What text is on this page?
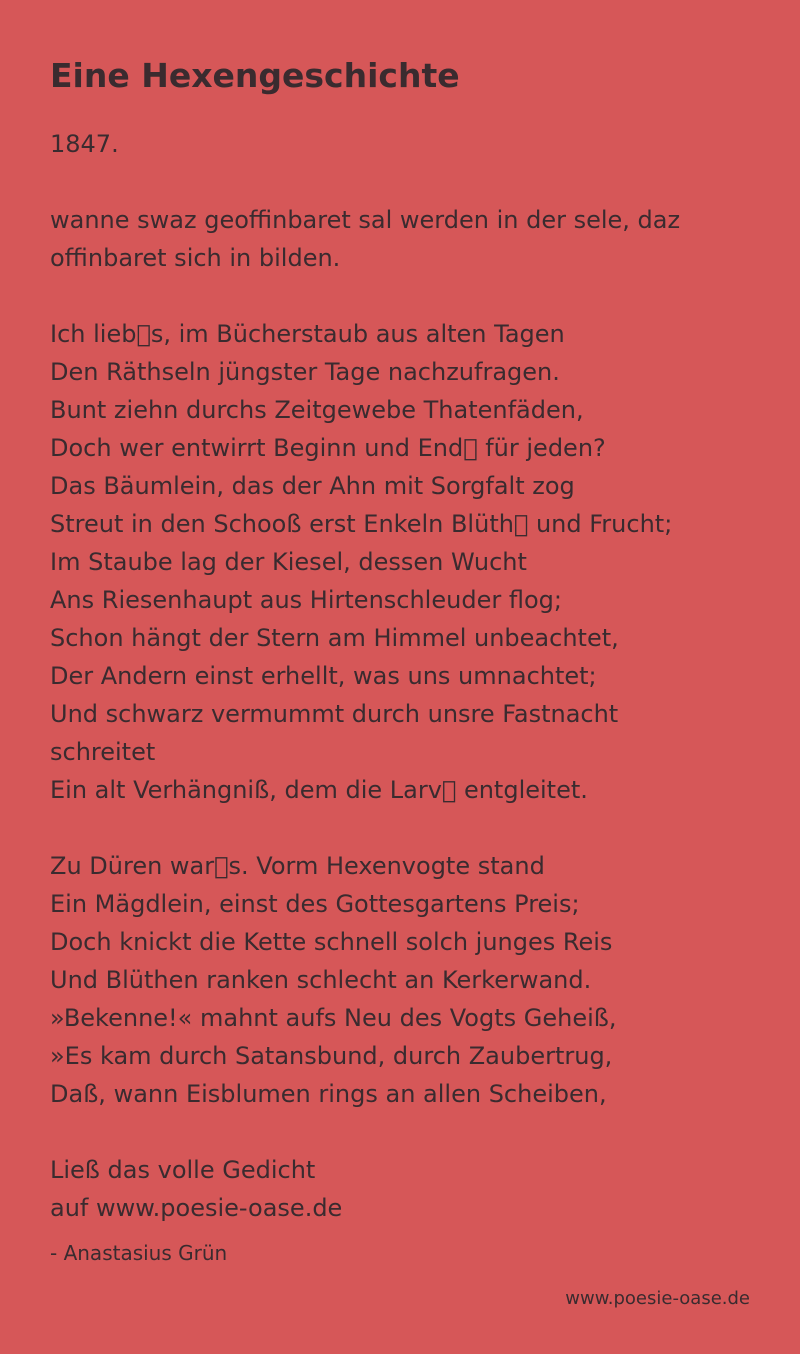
Eine Hexengeschichte
1847.
wanne swaz geoffinbaret sal werden in der sele, daz
offinbaret sich in bilden.
Ich lieb s, im Bücherstaub aus alten Tagen
Den Räthseln jüngster Tage nachzufragen.
Bunt ziehn durchs Zeitgewebe Thatenfäden,
Doch wer entwirrt Beginn und End  für jeden?
Das Bäumlein, das der Ahn mit Sorgfalt zog
Streut in den Schooß erst Enkeln Blüth  und Frucht;
Im Staube lag der Kiesel, dessen Wucht
Ans Riesenhaupt aus Hirtenschleuder flog;
Schon hängt der Stern am Himmel unbeachtet,
Der Andern einst erhellt, was uns umnachtet;
Und schwarz vermummt durch unsre Fastnacht
schreitet
Ein alt Verhängniß, dem die Larv  entgleitet.
Zu Düren war s. Vorm Hexenvogte stand
Ein Mägdlein, einst des Gottesgartens Preis;
Doch knickt die Kette schnell solch junges Reis
Und Blüthen ranken schlecht an Kerkerwand.
»Bekenne!« mahnt aufs Neu des Vogts Geheiß,
»Es kam durch Satansbund, durch Zaubertrug,
Daß, wann Eisblumen rings an allen Scheiben,
Ließ das volle Gedicht
auf www.poesie-oase.de
- Anastasius Grün
www.poesie-oase.de
